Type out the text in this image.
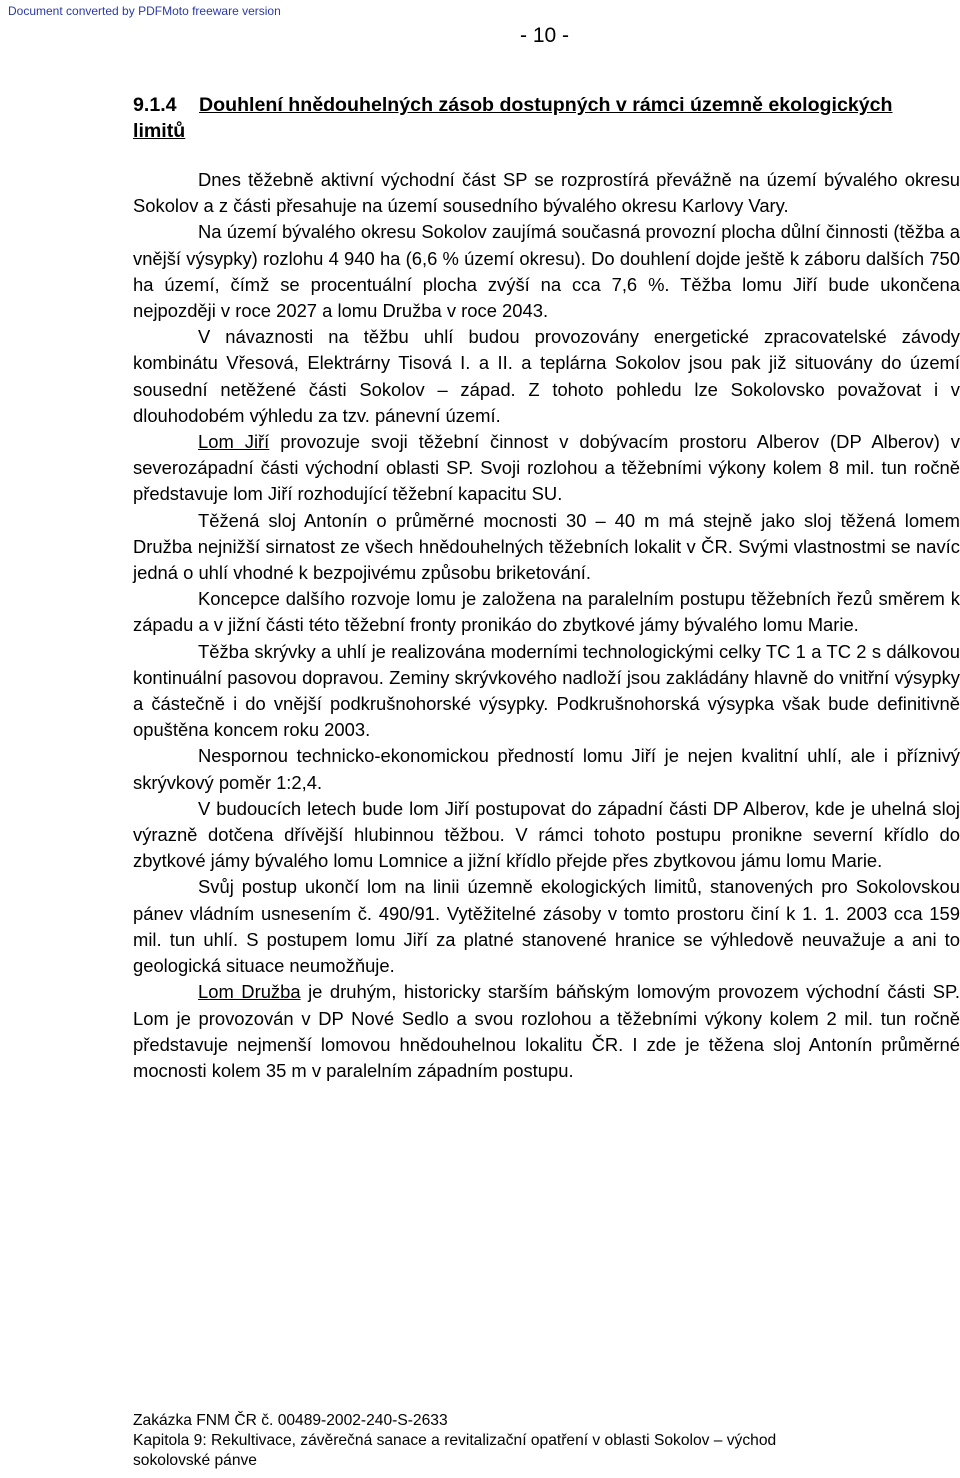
Document converted by PDFMoto freeware version
- 10 -
9.1.4 Douhlení hnědouhelných zásob dostupných v rámci územně ekologických limitů

Dnes těžebně aktivní východní část SP se rozprostírá převážně na území bývalého okresu Sokolov a z části přesahuje na území sousedního bývalého okresu Karlovy Vary.

Na území bývalého okresu Sokolov zaujímá současná provozní plocha důlní činnosti (těžba a vnější výsypky) rozlohu 4 940 ha (6,6 % území okresu). Do douhlení dojde ještě k záboru dalších 750 ha území, čímž se procentuální plocha zvýší na cca 7,6 %. Těžba lomu Jiří bude ukončena nejpozději v roce 2027 a lomu Družba v roce 2043.

V návaznosti na těžbu uhlí budou provozovány energetické zpracovatelské závody kombinátu Vřesová, Elektrárny Tisová I. a II. a teplárna Sokolov jsou pak již situovány do území sousední netěžené části Sokolov – západ. Z tohoto pohledu lze Sokolovsko považovat i v dlouhodobém výhledu za tzv. pánevní území.

Lom Jiří provozuje svoji těžební činnost v dobývacím prostoru Alberov (DP Alberov) v severozápadní části východní oblasti SP. Svoji rozlohou a těžebními výkony kolem 8 mil. tun ročně představuje lom Jiří rozhodující těžební kapacitu SU.

Těžená sloj Antonín o průměrné mocnosti 30 – 40 m má stejně jako sloj těžená lomem Družba nejnižší sirnatost ze všech hnědouhelných těžebních lokalit v ČR. Svými vlastnostmi se navíc jedná o uhlí vhodné k bezpojivému způsobu briketování.

Koncepce dalšího rozvoje lomu je založena na paralelním postupu těžebních řezů směrem k západu a v jižní části této těžební fronty pronikáo do zbytkové jámy bývalého lomu Marie.

Těžba skrývky a uhlí je realizována moderními technologickými celky TC 1 a TC 2 s dálkovou kontinuální pasovou dopravou. Zeminy skrývkového nadloží jsou zakládány hlavně do vnitřní výsypky a částečně i do vnější podkrušnohorské výsypky. Podkrušnohorská výsypka však bude definitivně opuštěna koncem roku 2003.

Nespornou technicko-ekonomickou předností lomu Jiří je nejen kvalitní uhlí, ale i příznivý skrývkový poměr 1:2,4.

V budoucích letech bude lom Jiří postupovat do západní části DP Alberov, kde je uhelná sloj výrazně dotčena dřívější hlubinnou těžbou. V rámci tohoto postupu pronikne severní křídlo do zbytkové jámy bývalého lomu Lomnice a jižní křídlo přejde přes zbytkovou jámu lomu Marie.

Svůj postup ukončí lom na linii územně ekologických limitů, stanovených pro Sokolovskou pánev vládním usnesením č. 490/91. Vytěžitelné zásoby v tomto prostoru činí k 1. 1. 2003 cca 159 mil. tun uhlí. S postupem lomu Jiří za platné stanovené hranice se výhledově neuvažuje a ani to geologická situace neumožňuje.

Lom Družba je druhým, historicky starším báňským lomovým provozem východní části SP. Lom je provozován v DP Nové Sedlo a svou rozlohou a těžebními výkony kolem 2 mil. tun ročně představuje nejmenší lomovou hnědouhelnou lokalitu ČR. I zde je těžena sloj Antonín průměrné mocnosti kolem 35 m v paralelním západním postupu.

Zakázka FNM ČR č. 00489-2002-240-S-2633
Kapitola 9: Rekultivace, závěrečná sanace a revitalizační opatření v oblasti Sokolov – východ
sokolovské pánve
